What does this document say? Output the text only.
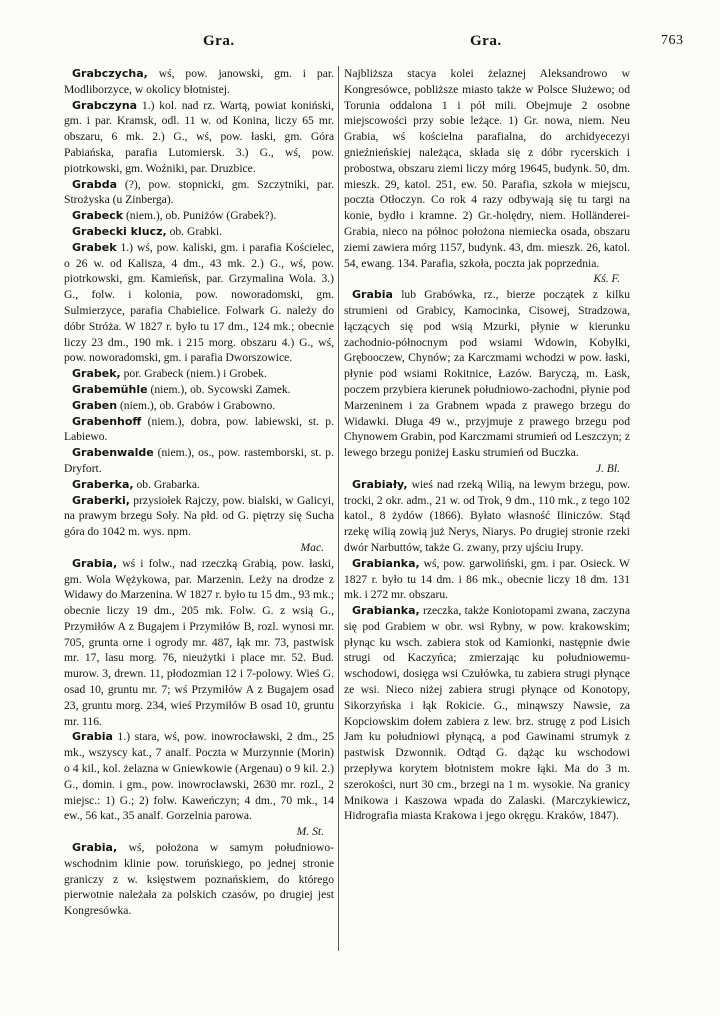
Gra.	Gra.	763

Grabczycha, wś, pow. janowski, gm. i par. Modliborzyce, w okolicy błotnistej.

Grabczyna 1.) kol. nad rz. Wartą, powiat koniński, gm. i par. Kramsk, odl. 11 w. od Konina, liczy 65 mr. obszaru, 6 mk. 2.) G., wś, pow. łaski, gm. Góra Pabiańska, parafia Lutomiersk. 3.) G., wś, pow. piotrkowski, gm. Woźniki, par. Druzbice.

Grabda (?), pow. stopnicki, gm. Szczytniki, par. Strożyska (u Zinberga).

Grabeck (niem.), ob. Puniżów (Grabek?).

Grabecki klucz, ob. Grabki.

Grabek 1.) wś, pow. kaliski, gm. i parafia Kościelec, o 26 w. od Kalisza, 4 dm., 43 mk. 2.) G., wś, pow. piotrkowski, gm. Kamieńsk, par. Grzymalina Wola. 3.) G., folw. i kolonia, pow. noworadomski, gm. Sulmierzyce, parafia Chabielice. Folwark G. należy do dóbr Stróża. W 1827 r. było tu 17 dm., 124 mk.; obecnie liczy 23 dm., 190 mk. i 215 morg. obszaru 4.) G., wś, pow. noworadomski, gm. i parafia Dworszowice.

Grabek, por. Grabeck (niem.) i Grobek.

Grabemühle (niem.), ob. Sycowski Zamek.

Graben (niem.), ob. Grabów i Grabowno.

Grabenhoff (niem.), dobra, pow. labiewski, st. p. Labiewo.

Grabenwalde (niem.), os., pow. rastemborski, st. p. Dryfort.

Graberka, ob. Grabarka.

Graberki, przysiołek Rajczy, pow. bialski, w Galicyi, na prawym brzegu Soły. Na płd. od G. piętrzy się Sucha góra do 1042 m. wys. npm.
Mac.

Grabia, wś i folw., nad rzeczką Grabią, pow. łaski, gm. Wola Wężykowa, par. Marzenin. Leży na drodze z Widawy do Marzenina. W 1827 r. było tu 15 dm., 93 mk.; obecnie liczy 19 dm., 205 mk. Folw. G. z wsią G., Przymiłów A z Bugajem i Przymiłów B, rozl. wynosi mr. 705, grunta orne i ogrody mr. 487, łąk mr. 73, pastwisk mr. 17, lasu morg. 76, nieużytki i place mr. 52. Bud. murow. 3, drewn. 11, płodozmian 12 i 7-polowy. Wieś G. osad 10, gruntu mr. 7; wś Przymiłów A z Bugajem osad 23, gruntu morg. 234, wieś Przymiłów B osad 10, gruntu mr. 116.

Grabia 1.) stara, wś, pow. inowrocławski, 2 dm., 25 mk., wszyscy kat., 7 analf. Poczta w Murzynnie (Morin) o 4 kil., kol. żelazna w Gniewkowie (Argenau) o 9 kil. 2.) G., domin. i gm., pow. inowrocławski, 2630 mr. rozl., 2 miejsc.: 1) G.; 2) folw. Kaweńczyn; 4 dm., 70 mk., 14 ew., 56 kat., 35 analf. Gorzelnia parowa.
M. St.

Grabia, wś, położona w samym południowo-wschodnim klinie pow. toruńskiego, po jednej stronie graniczy z w. księstwem poznańskiem, do którego pierwotnie należała za polskich czasów, po drugiej jest Kongresówka.

Najbliższa stacya kolei żelaznej Aleksandrowo w Kongresówce, pobliższe miasto także w Polsce Służewo; od Torunia oddalona 1 i pół mili. Obejmuje 2 osobne miejscowości przy sobie leżące. 1) Gr. nowa, niem. Neu Grabia, wś kościelna parafialna, do archidyecezyi gnieźnieńskiej należąca, składa się z dóbr rycerskich i probostwa, obszaru ziemi liczy mórg 19645, budynk. 50, dm. mieszk. 29, katol. 251, ew. 50. Parafia, szkoła w miejscu, poczta Otłoczyn. Co rok 4 razy odbywają się tu targi na konie, bydło i kramne. 2) Gr.-holędry, niem. Holländerei-Grabia, nieco na północ położona niemiecka osada, obszaru ziemi zawiera mórg 1157, budynk. 43, dm. mieszk. 26, katol. 54, ewang. 134. Parafia, szkoła, poczta jak poprzednia.
Kś. F.

Grabia lub Grabówka, rz., bierze początek z kilku strumieni od Grabicy, Kamocinka, Cisowej, Stradzowa, łączących się pod wsią Mzurki, płynie w kierunku zachodnio-północnym pod wsiami Wdowin, Kobyłki, Grębooczew, Chynów; za Karczmami wchodzi w pow. łaski, płynie pod wsiami Rokitnice, Łazów. Baryczą, m. Łask, poczem przybiera kierunek południowo-zachodni, płynie pod Marzeninem i za Grabnem wpada z prawego brzegu do Widawki. Długa 49 w., przyjmuje z prawego brzegu pod Chynowem Grabin, pod Karczmami strumień od Leszczyn; z lewego brzegu poniżej Łasku strumień od Buczka.
J. Bl.

Grabiały, wieś nad rzeką Wilią, na lewym brzegu, pow. trocki, 2 okr. adm., 21 w. od Trok, 9 dm., 110 mk., z tego 102 katol., 8 żydów (1866). Byłato własność Iliniczów. Stąd rzekę wilią zowią już Nerys, Niarys. Po drugiej stronie rzeki dwór Narbuttów, także G. zwany, przy ujściu Irupy.

Grabianka, wś, pow. garwoliński, gm. i par. Osieck. W 1827 r. było tu 14 dm. i 86 mk., obecnie liczy 18 dm. 131 mk. i 272 mr. obszaru.

Grabianka, rzeczka, także Koniotopami zwana, zaczyna się pod Grabiem w obr. wsi Rybny, w pow. krakowskim; płynąc ku wsch. zabiera stok od Kamionki, następnie dwie strugi od Kaczyńca; zmierzając ku południowemu-wschodowi, dosięga wsi Czułówka, tu zabiera strugi płynące ze wsi. Nieco niżej zabiera strugi płynące od Konotopy, Sikorzyńska i łąk Rokicie. G., minąwszy Nawsie, za Kopciowskim dołem zabiera z lew. brz. strugę z pod Lisich Jam ku południowi płynącą, a pod Gawinami strumyk z pastwisk Dzwonnik. Odtąd G. dążąc ku wschodowi przepływa korytem błotnistem mokre łąki. Ma do 3 m. szerokości, nurt 30 cm., brzegi na 1 m. wysokie. Na granicy Mnikowa i Kaszowa wpada do Zalaski. (Marczykiewicz, Hidrografia miasta Krakowa i jego okręgu. Kraków, 1847).
